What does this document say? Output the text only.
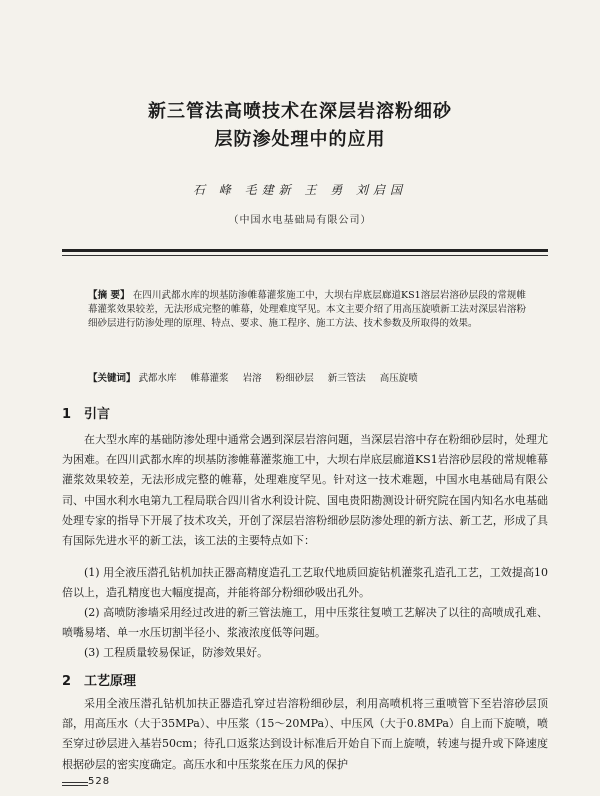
新三管法高喷技术在深层岩溶粉细砂
层防渗处理中的应用
石 峰 毛建新 王 勇 刘启国
（中国水电基础局有限公司）
【摘 要】 在四川武都水库的坝基防渗帷幕灌浆施工中，大坝右岸底层廊道KS1溶层岩溶砂层段的常规帷幕灌浆效果较差，无法形成完整的帷幕，处理难度罕见。本文主要介绍了用高压旋喷新工法对深层岩溶粉细砂层进行防渗处理的原理、特点、要求、施工程序、施工方法、技术参数及所取得的效果。
【关键词】 武都水库 帷幕灌浆 岩溶 粉细砂层 新三管法 高压旋喷
1 引言
在大型水库的基础防渗处理中通常会遇到深层岩溶问题，当深层岩溶中存在粉细砂层时，处理尤为困难。在四川武都水库的坝基防渗帷幕灌浆施工中，大坝右岸底层廊道KS1岩溶砂层段的常规帷幕灌浆效果较差，无法形成完整的帷幕，处理难度罕见。针对这一技术难题，中国水电基础局有限公司、中国水利水电第九工程局联合四川省水利设计院、国电贵阳勘测设计研究院在国内知名水电基础处理专家的指导下开展了技术攻关，开创了深层岩溶粉细砂层防渗处理的新方法、新工艺，形成了具有国际先进水平的新工法，该工法的主要特点如下：
(1) 用全液压潜孔钻机加扶正器高精度造孔工艺取代地质回旋钻机灌浆孔造孔工艺，工效提高10倍以上，造孔精度也大幅度提高，并能将部分粉细砂吸出孔外。
(2) 高喷防渗墙采用经过改进的新三管法施工，用中压浆往复喷工艺解决了以往的高喷成孔难、喷嘴易堵、单一水压切割半径小、浆液浓度低等问题。
(3) 工程质量较易保证，防渗效果好。
2 工艺原理
采用全液压潜孔钻机加扶正器造孔穿过岩溶粉细砂层，利用高喷机将三重喷管下至岩溶砂层顶部，用高压水（大于35MPa）、中压浆（15～20MPa）、中压风（大于0.8MPa）自上而下旋喷，喷至穿过砂层进入基岩50cm；待孔口返浆达到设计标准后开始自下而上旋喷，转速与提升或下降速度根据砂层的密实度确定。高压水和中压浆浆在压力风的保护
528
